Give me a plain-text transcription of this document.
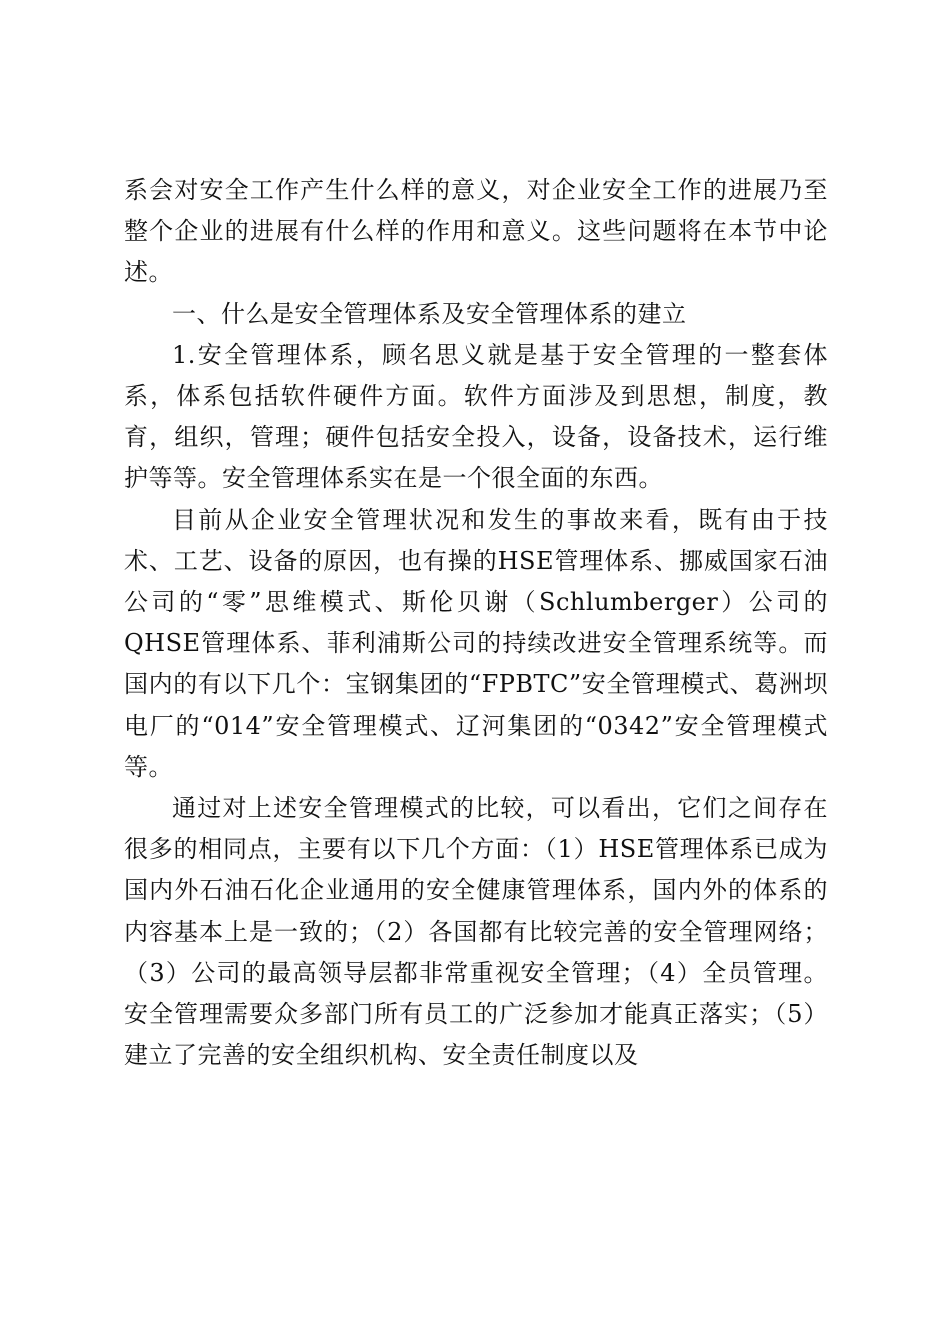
系会对安全工作产生什么样的意义，对企业安全工作的进展乃至整个企业的进展有什么样的作用和意义。这些问题将在本节中论述。

一、什么是安全管理体系及安全管理体系的建立

1.安全管理体系，顾名思义就是基于安全管理的一整套体系，体系包括软件硬件方面。软件方面涉及到思想，制度，教育，组织，管理；硬件包括安全投入，设备，设备技术，运行维护等等。安全管理体系实在是一个很全面的东西。

目前从企业安全管理状况和发生的事故来看，既有由于技术、工艺、设备的原因，也有操的HSE管理体系、挪威国家石油公司的“零”思维模式、斯伦贝谢（Schlumberger）公司的QHSE管理体系、菲利浦斯公司的持续改进安全管理系统等。而国内的有以下几个：宝钢集团的“FPBTC”安全管理模式、葛洲坝电厂的“014”安全管理模式、辽河集团的“0342”安全管理模式等。

通过对上述安全管理模式的比较，可以看出，它们之间存在很多的相同点，主要有以下几个方面：（1）HSE管理体系已成为国内外石油石化企业通用的安全健康管理体系，国内外的体系的内容基本上是一致的；（2）各国都有比较完善的安全管理网络；（3）公司的最高领导层都非常重视安全管理；（4）全员管理。安全管理需要众多部门所有员工的广泛参加才能真正落实；（5）建立了完善的安全组织机构、安全责任制度以及
